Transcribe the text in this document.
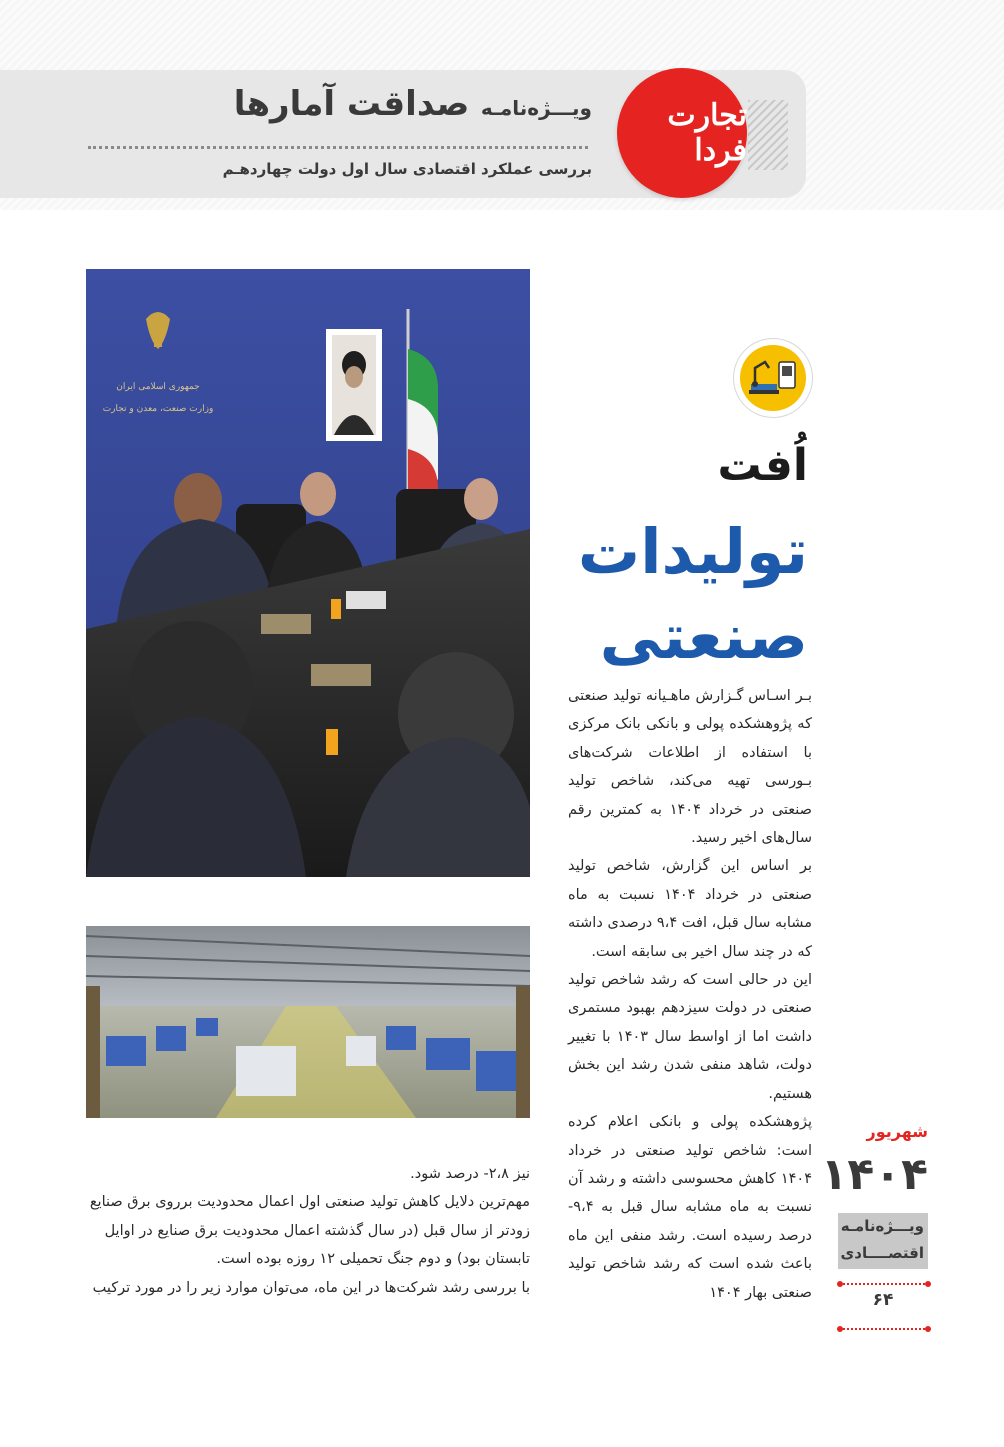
ویـــژه‌نامـه صداقت آمارها
بررسی عملکرد اقتصادی سال اول دولت چهاردهـم
تجارت فردا
جمهوری اسلامی ایران
وزارت صنعت، معدن و تجارت
اُفت
تولیدات
صنعتی

بـر اسـاس گـزارش ماهـیانه تولید صنعتی که پژوهشکده پولی و بانکی بانک مرکزی با استفاده از اطلاعات شرکت‌های بـورسی تهیه می‌کند، شاخص تولید صنعتی در خرداد ۱۴۰۴ به کمترین رقم سال‌های اخیر رسید.

بر اساس این گزارش، شاخص تولید صنعتی در خرداد ۱۴۰۴ نسبت به ماه مشابه سال قبل، افت ۹،۴ درصدی داشته که در چند سال اخیر بی سابقه است.

این در حالی است که رشد شاخص تولید صنعتی در دولت سیزدهم بهبود مستمری داشت اما از اواسط سال ۱۴۰۳ با تغییر دولت، شاهد منفی شدن رشد این بخش هستیم.

پژوهشکده پولی و بانکی اعلام کرده است: شاخص تولید صنعتی در خرداد ۱۴۰۴ کاهش محسوسی داشته و رشد آن نسبت به ماه مشابه سال قبل به ۹،۴- درصد رسیده است. رشد منفی این ماه باعث شده است که رشد شاخص تولید صنعتی بهار ۱۴۰۴

نیز ۲،۸- درصد شود.

مهم‌ترین دلایل کاهش تولید صنعتی اول اعمال محدودیت برروی برق صنایع زودتر از سال قبل (در سال گذشته اعمال محدودیت برق صنایع در اوایل تابستان بود) و دوم جنگ تحمیلی ۱۲ روزه بوده است.

با بررسی رشد شرکت‌ها در این ماه، می‌توان موارد زیر را در مورد ترکیب

شهریور
۱۴۰۴
ویـــژه‌نامـه
اقتصــــادی
۶۴
